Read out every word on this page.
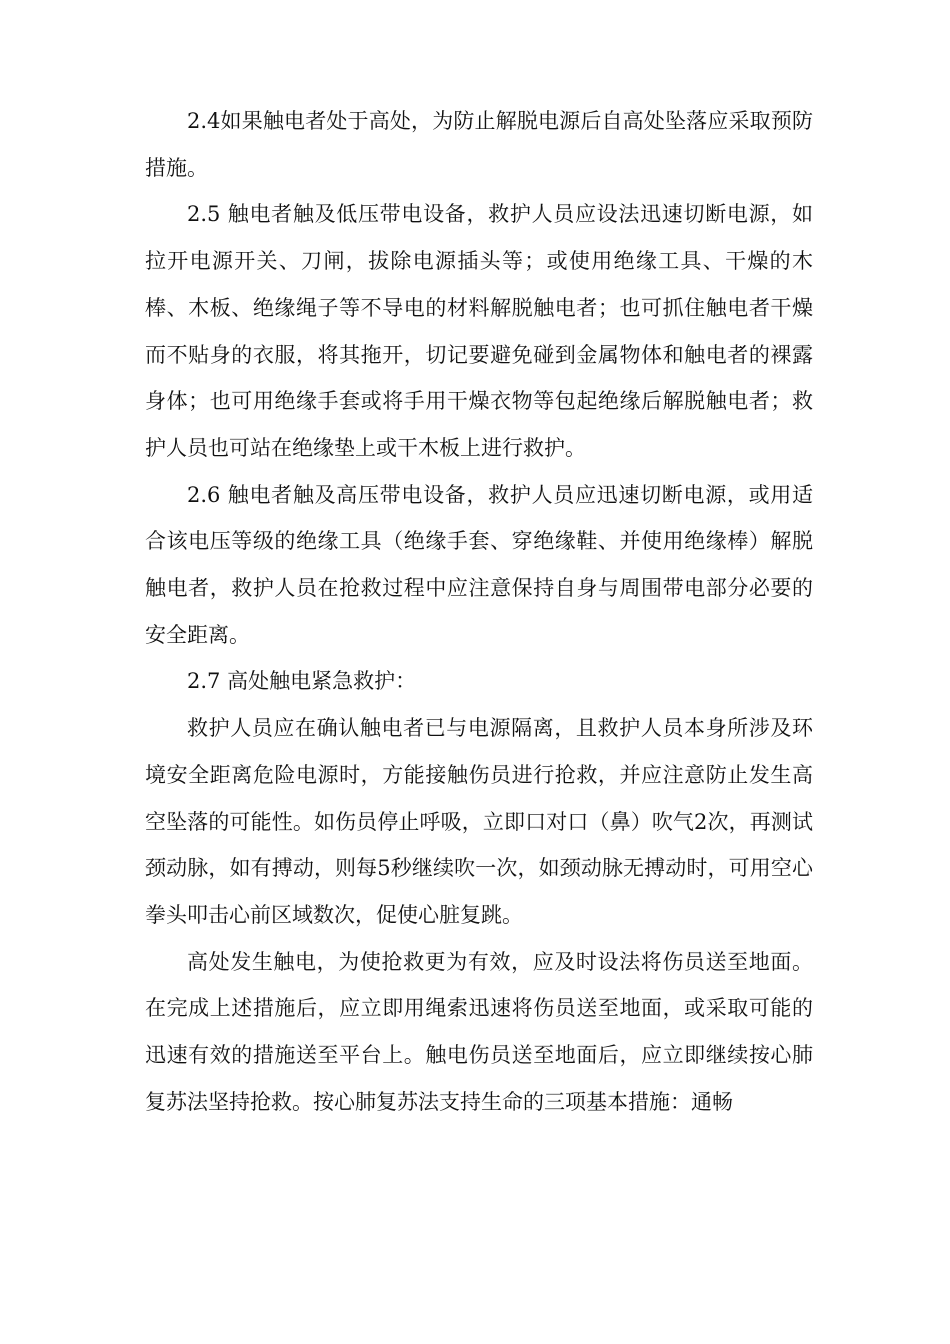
2.4如果触电者处于高处，为防止解脱电源后自高处坠落应采取预防措施。

2.5 触电者触及低压带电设备，救护人员应设法迅速切断电源，如拉开电源开关、刀闸，拔除电源插头等；或使用绝缘工具、干燥的木棒、木板、绝缘绳子等不导电的材料解脱触电者；也可抓住触电者干燥而不贴身的衣服，将其拖开，切记要避免碰到金属物体和触电者的裸露身体；也可用绝缘手套或将手用干燥衣物等包起绝缘后解脱触电者；救护人员也可站在绝缘垫上或干木板上进行救护。

2.6 触电者触及高压带电设备，救护人员应迅速切断电源，或用适合该电压等级的绝缘工具（绝缘手套、穿绝缘鞋、并使用绝缘棒）解脱触电者，救护人员在抢救过程中应注意保持自身与周围带电部分必要的安全距离。

2.7 高处触电紧急救护：

救护人员应在确认触电者已与电源隔离，且救护人员本身所涉及环境安全距离危险电源时，方能接触伤员进行抢救，并应注意防止发生高空坠落的可能性。如伤员停止呼吸，立即口对口（鼻）吹气2次，再测试颈动脉，如有搏动，则每5秒继续吹一次，如颈动脉无搏动时，可用空心拳头叩击心前区域数次，促使心脏复跳。

高处发生触电，为使抢救更为有效，应及时设法将伤员送至地面。在完成上述措施后，应立即用绳索迅速将伤员送至地面，或采取可能的迅速有效的措施送至平台上。触电伤员送至地面后，应立即继续按心肺复苏法坚持抢救。按心肺复苏法支持生命的三项基本措施：通畅
